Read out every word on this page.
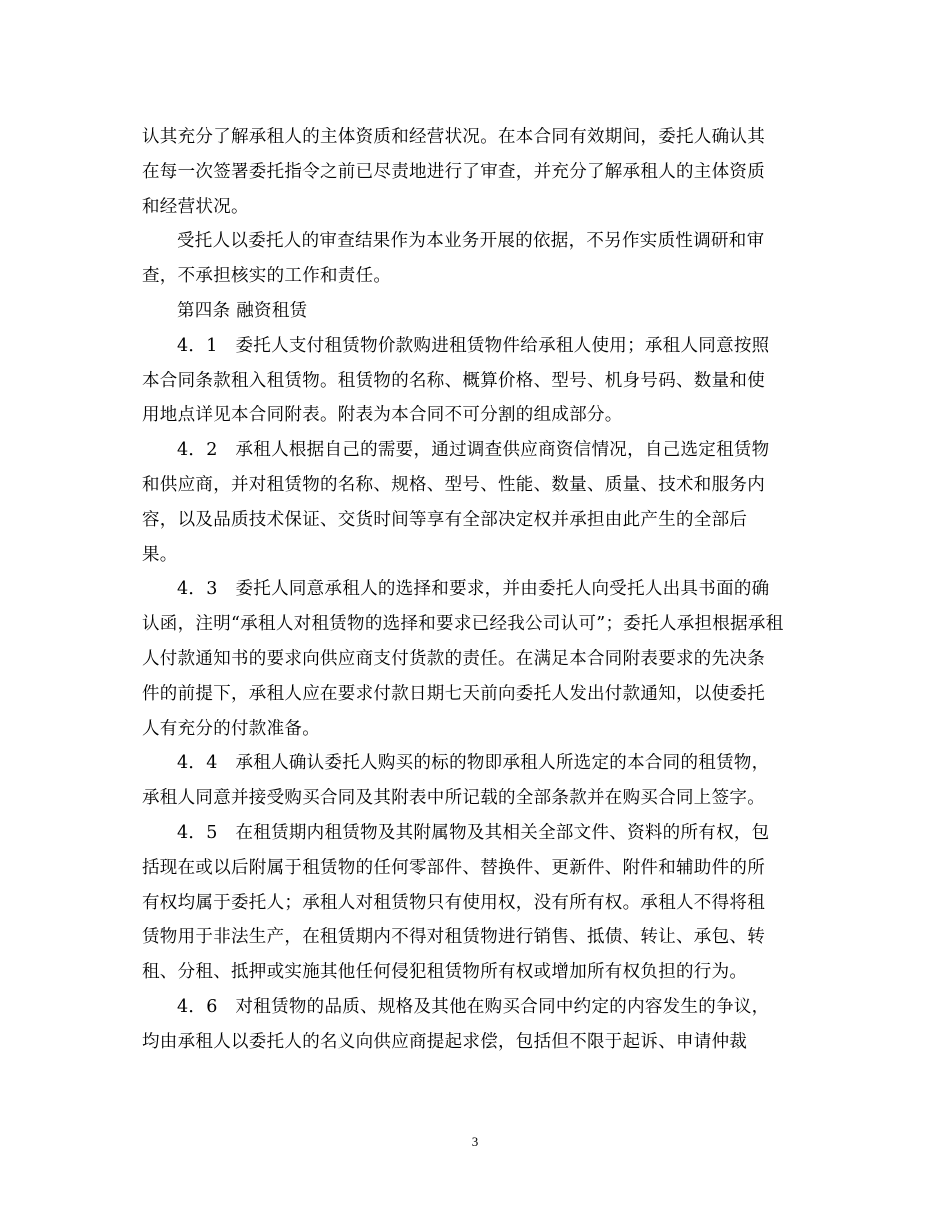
认其充分了解承租人的主体资质和经营状况。在本合同有效期间，委托人确认其
在每一次签署委托指令之前已尽责地进行了审查，并充分了解承租人的主体资质
和经营状况。
受托人以委托人的审查结果作为本业务开展的依据，不另作实质性调研和审
查，不承担核实的工作和责任。
第四条 融资租赁
4．1　委托人支付租赁物价款购进租赁物件给承租人使用；承租人同意按照
本合同条款租入租赁物。租赁物的名称、概算价格、型号、机身号码、数量和使
用地点详见本合同附表。附表为本合同不可分割的组成部分。
4．2　承租人根据自己的需要，通过调查供应商资信情况，自己选定租赁物
和供应商，并对租赁物的名称、规格、型号、性能、数量、质量、技术和服务内
容，以及品质技术保证、交货时间等享有全部决定权并承担由此产生的全部后
果。
4．3　委托人同意承租人的选择和要求，并由委托人向受托人出具书面的确
认函，注明“承租人对租赁物的选择和要求已经我公司认可”；委托人承担根据承租
人付款通知书的要求向供应商支付货款的责任。在满足本合同附表要求的先决条
件的前提下，承租人应在要求付款日期七天前向委托人发出付款通知，以使委托
人有充分的付款准备。
4．4　承租人确认委托人购买的标的物即承租人所选定的本合同的租赁物，
承租人同意并接受购买合同及其附表中所记载的全部条款并在购买合同上签字。
4．5　在租赁期内租赁物及其附属物及其相关全部文件、资料的所有权，包
括现在或以后附属于租赁物的任何零部件、替换件、更新件、附件和辅助件的所
有权均属于委托人；承租人对租赁物只有使用权，没有所有权。承租人不得将租
赁物用于非法生产，在租赁期内不得对租赁物进行销售、抵债、转让、承包、转
租、分租、抵押或实施其他任何侵犯租赁物所有权或增加所有权负担的行为。
4．6　对租赁物的品质、规格及其他在购买合同中约定的内容发生的争议，
均由承租人以委托人的名义向供应商提起求偿，包括但不限于起诉、申请仲裁
3
